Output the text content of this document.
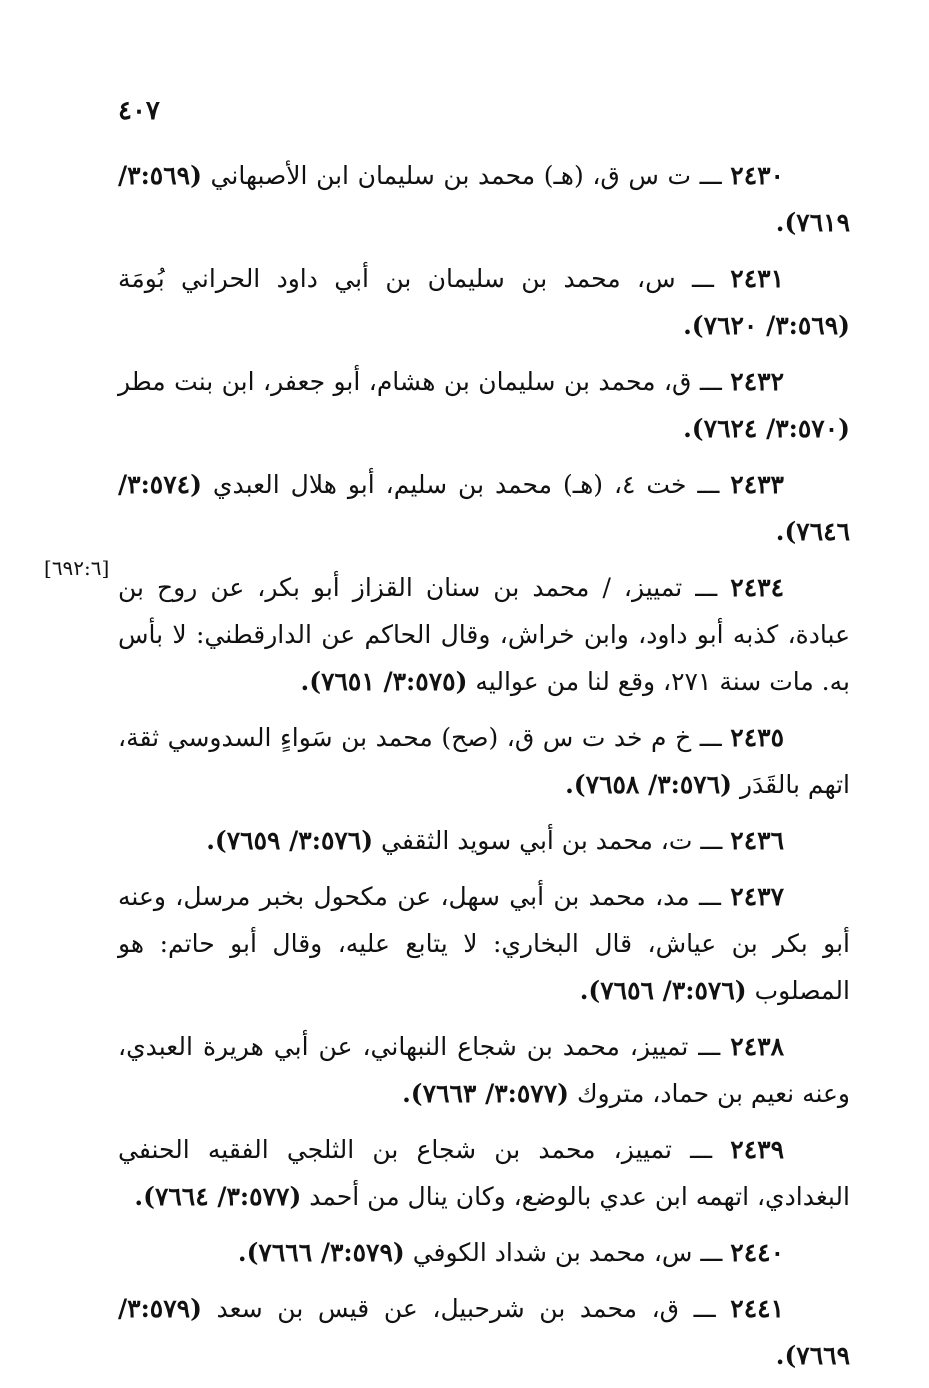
٤٠٧
[٦٩٢:٦]

٢٤٣٠ ـــ ت س ق، (هـ) محمد بن سليمان ابن الأصبهاني (٣:٥٦٩/ ٧٦١٩).

٢٤٣١ ـــ س، محمد بن سليمان بن أبي داود الحراني بُومَة (٣:٥٦٩/ ٧٦٢٠).

٢٤٣٢ ـــ ق، محمد بن سليمان بن هشام، أبو جعفر، ابن بنت مطر (٣:٥٧٠/ ٧٦٢٤).

٢٤٣٣ ـــ خت ٤، (هـ) محمد بن سليم، أبو هلال العبدي (٣:٥٧٤/ ٧٦٤٦).

٢٤٣٤ ـــ تمييز، / محمد بن سنان القزاز أبو بكر، عن روح بن عبادة، كذبه أبو داود، وابن خراش، وقال الحاكم عن الدارقطني: لا بأس به. مات سنة ٢٧١، وقع لنا من عواليه (٣:٥٧٥/ ٧٦٥١).

٢٤٣٥ ـــ خ م خد ت س ق، (صح) محمد بن سَواءٍ السدوسي ثقة، اتهم بالقَدَر (٣:٥٧٦/ ٧٦٥٨).

٢٤٣٦ ـــ ت، محمد بن أبي سويد الثقفي (٣:٥٧٦/ ٧٦٥٩).

٢٤٣٧ ـــ مد، محمد بن أبي سهل، عن مكحول بخبر مرسل، وعنه أبو بكر بن عياش، قال البخاري: لا يتابع عليه، وقال أبو حاتم: هو المصلوب (٣:٥٧٦/ ٧٦٥٦).

٢٤٣٨ ـــ تمييز، محمد بن شجاع النبهاني، عن أبي هريرة العبدي، وعنه نعيم بن حماد، متروك (٣:٥٧٧/ ٧٦٦٣).

٢٤٣٩ ـــ تمييز، محمد بن شجاع بن الثلجي الفقيه الحنفي البغدادي، اتهمه ابن عدي بالوضع، وكان ينال من أحمد (٣:٥٧٧/ ٧٦٦٤).

٢٤٤٠ ـــ س، محمد بن شداد الكوفي (٣:٥٧٩/ ٧٦٦٦).

٢٤٤١ ـــ ق، محمد بن شرحبيل، عن قيس بن سعد (٣:٥٧٩/ ٧٦٦٩).
